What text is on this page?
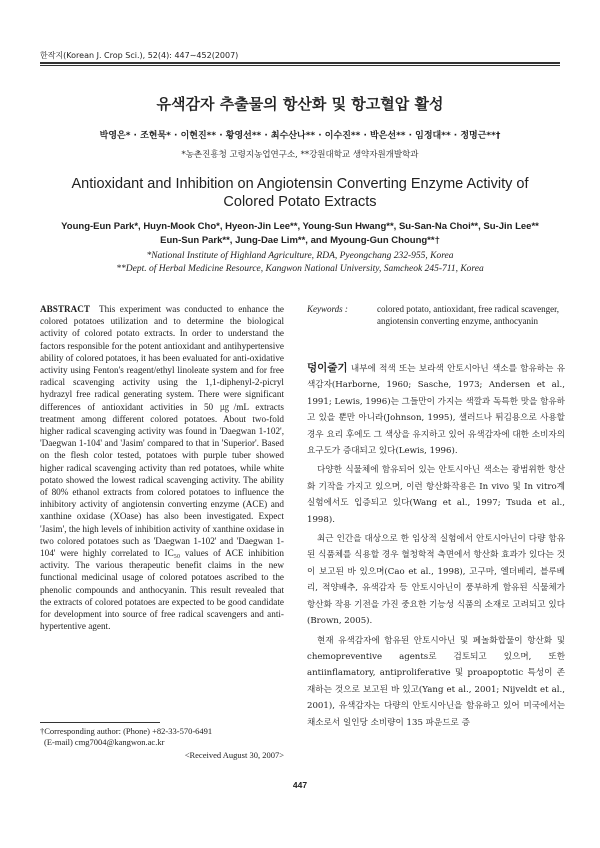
한작지(Korean J. Crop Sci.), 52(4): 447∼452(2007)
유색감자 추출물의 항산화 및 항고혈압 활성
박영은* · 조현묵* · 이현진** · 황영선** · 최수산나** · 이수진** · 박은선** · 임정대** · 정명근**†
*농촌진흥청 고령지농업연구소, **강원대학교 생약자원개발학과
Antioxidant and Inhibition on Angiotensin Converting Enzyme Activity of
Colored Potato Extracts
Young-Eun Park*, Huyn-Mook Cho*, Hyeon-Jin Lee**, Young-Sun Hwang**, Su-San-Na Choi**, Su-Jin Lee**
Eun-Sun Park**, Jung-Dae Lim**, and Myoung-Gun Choung**†
*National Institute of Highland Agriculture, RDA, Pyeongchang 232-955, Korea
**Dept. of Herbal Medicine Resource, Kangwon National University, Samcheok 245-711, Korea
ABSTRACT This experiment was conducted to enhance the colored potatoes utilization and to determine the biological activity of colored potato extracts. In order to understand the factors responsible for the potent antioxidant and antihypertensive ability of colored potatoes, it has been evaluated for anti-oxidative activity using Fenton's reagent/ethyl linoleate system and for free radical scavenging activity using the 1,1-diphenyl-2-picryl hydrazyl free radical generating system. There were significant differences of antioxidant activities in 50 ㎍/mL extracts treatment among different colored potatoes. About two-fold higher radical scavenging activity was found in 'Daegwan 1-102', 'Daegwan 1-104' and 'Jasim' compared to that in 'Superior'. Based on the flesh color tested, potatoes with purple tuber showed higher radical scavenging activity than red potatoes, while white potato showed the lowest radical scavenging activity. The ability of 80% ethanol extracts from colored potatoes to influence the inhibitory activity of angiotensin converting enzyme (ACE) and xanthine oxidase (XOase) has also been investigated. Expect 'Jasim', the high levels of inhibition activity of xanthine oxidase in two colored potatoes such as 'Daegwan 1-102' and 'Daegwan 1-104' were highly correlated to IC₅₀ values of ACE inhibition activity. The various therapeutic benefit claims in the new functional medicinal usage of colored potatoes ascribed to the phenolic compounds and anthocyanin. This result revealed that the extracts of colored potatoes are expected to be good candidate for development into source of free radical scavengers and anti-hypertentive agent.
†Corresponding author: (Phone) +82-33-570-6491
(E-mail) cmg7004@kangwon.ac.kr
<Received August 30, 2007>
Keywords :	colored potato, antioxidant, free radical scavenger, angiotensin converting enzyme, anthocyanin

덩이줄기 내부에 적색 또는 보라색 안토시아닌 색소를 함유하는 유색감자(Harborne, 1960; Sasche, 1973; Andersen et al., 1991; Lewis, 1996)는 그들만이 가지는 색깔과 독특한 맛을 함유하고 있을 뿐만 아니라(Johnson, 1995), 샐러드나 튀김용으로 사용할 경우 요리 후에도 그 색상을 유지하고 있어 유색감자에 대한 소비자의 요구도가 증대되고 있다(Lewis, 1996).

다양한 식물체에 함유되어 있는 안토시아닌 색소는 광범위한 항산화 기작을 가지고 있으며, 이런 항산화작용은 In vivo 및 In vitro계 실험에서도 입증되고 있다(Wang et al., 1997; Tsuda et al., 1998).

최근 인간을 대상으로 한 임상적 실험에서 안토시아닌이 다량 함유된 식품체를 식용할 경우 혈청학적 측면에서 항산화 효과가 있다는 것이 보고된 바 있으며(Cao et al., 1998), 고구마, 엘더베리, 블루베리, 적양배추, 유색감자 등 안토시아닌이 풍부하게 함유된 식물체가 항산화 작용 기전을 가진 중요한 기능성 식품의 소재로 고려되고 있다(Brown, 2005).

현재 유색감자에 함유된 안토시아닌 및 페놀화합물이 항산화 및 chemopreventive agents로 검토되고 있으며, 또한 antiinflamatory, antiproliferative 및 proapoptotic 특성이 존재하는 것으로 보고된 바 있고(Yang et al., 2001; Nijveldt et al., 2001), 유색감자는 다량의 안토시아닌을 함유하고 있어 미국에서는 채소로서 일인당 소비량이 135 파운드로 증

447
